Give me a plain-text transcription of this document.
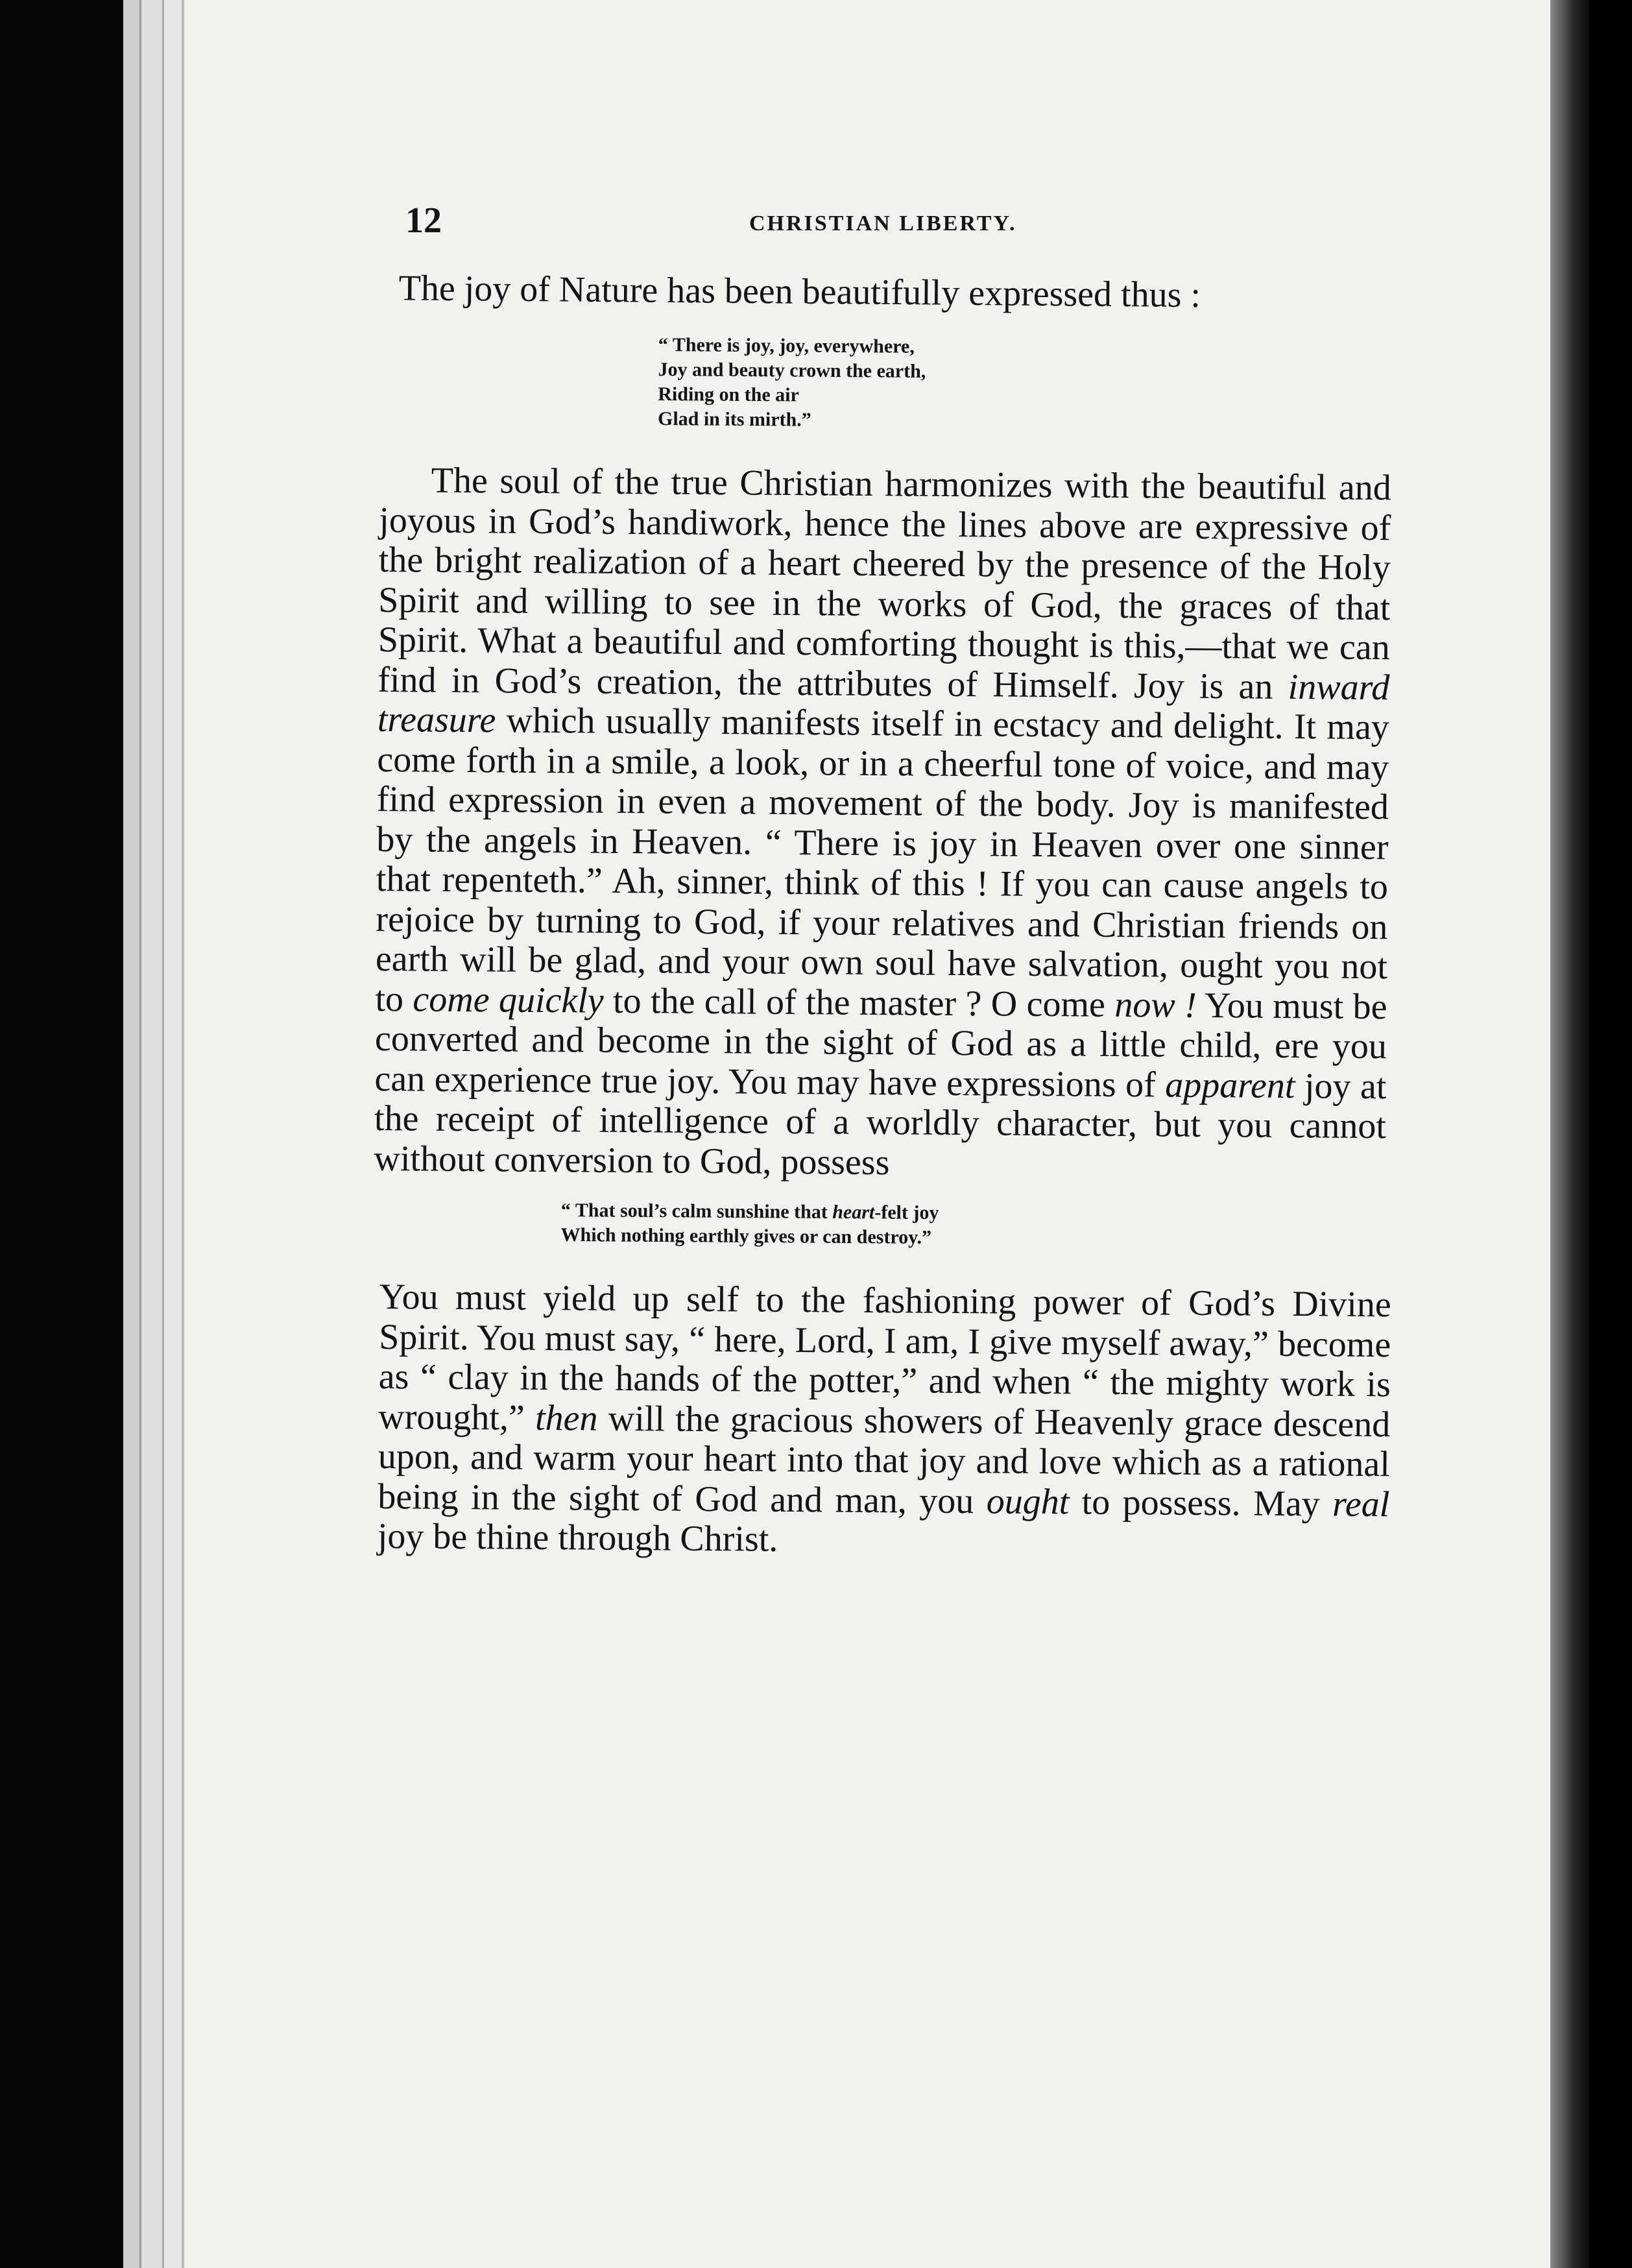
12	CHRISTIAN LIBERTY.

The joy of Nature has been beautifully expressed thus :

“ There is joy, joy, everywhere,
Joy and beauty crown the earth,
Riding on the air
Glad in its mirth.”

The soul of the true Christian harmonizes with the beautiful and joyous in God’s handiwork, hence the lines above are expressive of the bright realization of a heart cheered by the presence of the Holy Spirit and willing to see in the works of God, the graces of that Spirit. What a beautiful and comforting thought is this,—that we can find in God’s creation, the attributes of Himself. Joy is an inward treasure which usually manifests itself in ecstacy and delight. It may come forth in a smile, a look, or in a cheerful tone of voice, and may find expression in even a movement of the body. Joy is manifested by the angels in Heaven. “ There is joy in Heaven over one sinner that repenteth.” Ah, sinner, think of this ! If you can cause angels to rejoice by turning to God, if your relatives and Christian friends on earth will be glad, and your own soul have salvation, ought you not to come quickly to the call of the master ? O come now ! You must be converted and become in the sight of God as a little child, ere you can experience true joy. You may have expressions of apparent joy at the receipt of intelligence of a worldly character, but you cannot without conversion to God, possess

“ That soul’s calm sunshine that heart-felt joy
Which nothing earthly gives or can destroy.”

You must yield up self to the fashioning power of God’s Divine Spirit. You must say, “ here, Lord, I am, I give myself away,” become as “ clay in the hands of the potter,” and when “ the mighty work is wrought,” then will the gracious showers of Heavenly grace descend upon, and warm your heart into that joy and love which as a rational being in the sight of God and man, you ought to possess. May real joy be thine through Christ.
